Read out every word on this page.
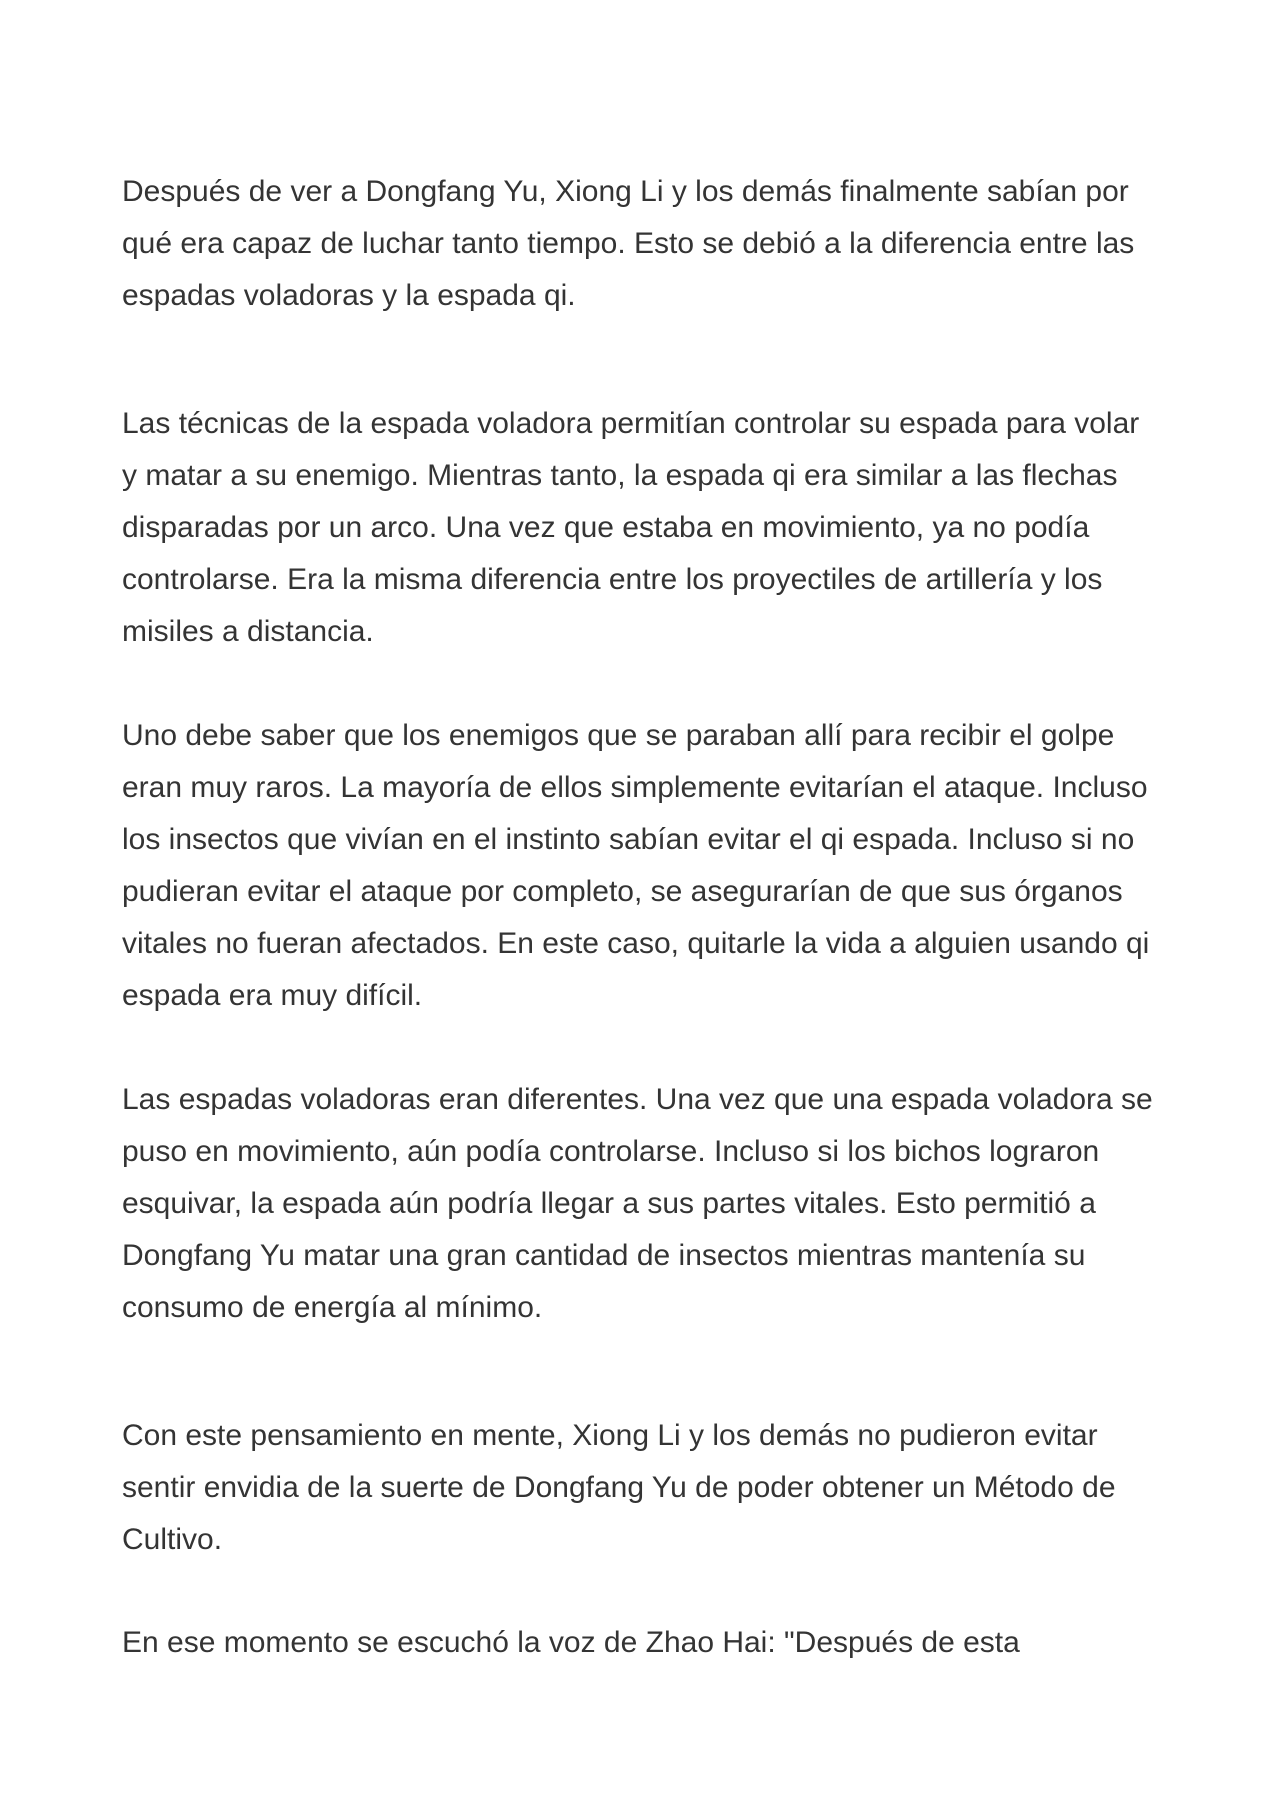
Después de ver a Dongfang Yu, Xiong Li y los demás finalmente sabían por
qué era capaz de luchar tanto tiempo. Esto se debió a la diferencia entre las
espadas voladoras y la espada qi.
Las técnicas de la espada voladora permitían controlar su espada para volar
y matar a su enemigo. Mientras tanto, la espada qi era similar a las flechas
disparadas por un arco. Una vez que estaba en movimiento, ya no podía
controlarse. Era la misma diferencia entre los proyectiles de artillería y los
misiles a distancia.
Uno debe saber que los enemigos que se paraban allí para recibir el golpe
eran muy raros. La mayoría de ellos simplemente evitarían el ataque. Incluso
los insectos que vivían en el instinto sabían evitar el qi espada. Incluso si no
pudieran evitar el ataque por completo, se asegurarían de que sus órganos
vitales no fueran afectados. En este caso, quitarle la vida a alguien usando qi
espada era muy difícil.
Las espadas voladoras eran diferentes. Una vez que una espada voladora se
puso en movimiento, aún podía controlarse. Incluso si los bichos lograron
esquivar, la espada aún podría llegar a sus partes vitales. Esto permitió a
Dongfang Yu matar una gran cantidad de insectos mientras mantenía su
consumo de energía al mínimo.
Con este pensamiento en mente, Xiong Li y los demás no pudieron evitar
sentir envidia de la suerte de Dongfang Yu de poder obtener un Método de
Cultivo.
En ese momento se escuchó la voz de Zhao Hai: "Después de esta
